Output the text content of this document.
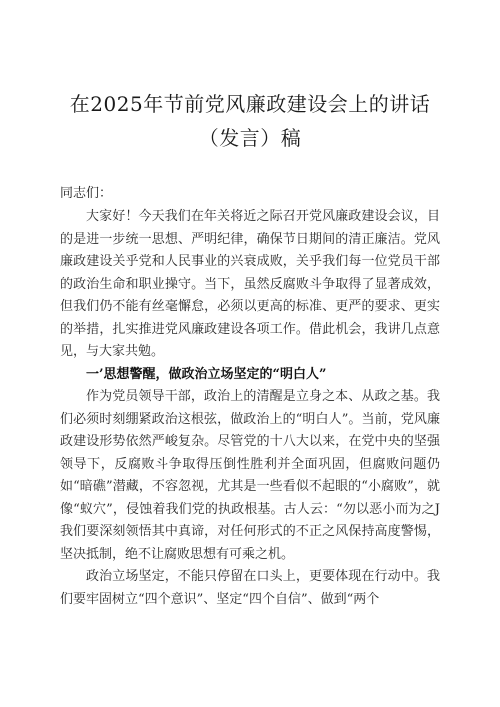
在2025年节前党风廉政建设会上的讲话
（发言）稿
同志们：

大家好！今天我们在年关将近之际召开党风廉政建设会议，目的是进一步统一思想、严明纪律，确保节日期间的清正廉洁。党风廉政建设关乎党和人民事业的兴衰成败，关乎我们每一位党员干部的政治生命和职业操守。当下，虽然反腐败斗争取得了显著成效，但我们仍不能有丝毫懈怠，必须以更高的标准、更严的要求、更实的举措，扎实推进党风廉政建设各项工作。借此机会，我讲几点意见，与大家共勉。

一’思想警醒，做政治立场坚定的“明白人”

作为党员领导干部，政治上的清醒是立身之本、从政之基。我们必须时刻绷紧政治这根弦，做政治上的“明白人”。当前，党风廉政建设形势依然严峻复杂。尽管党的十八大以来，在党中央的坚强领导下，反腐败斗争取得压倒性胜利并全面巩固，但腐败问题仍如“暗礁”潜藏，不容忽视，尤其是一些看似不起眼的“小腐败”，就像“蚁穴”，侵蚀着我们党的执政根基。古人云：“勿以恶小而为之J我们要深刻领悟其中真谛，对任何形式的不正之风保持高度警惕，坚决抵制，绝不让腐败思想有可乘之机。

政治立场坚定，不能只停留在口头上，更要体现在行动中。我们要牢固树立“四个意识”、坚定“四个自信”、做到“两个
